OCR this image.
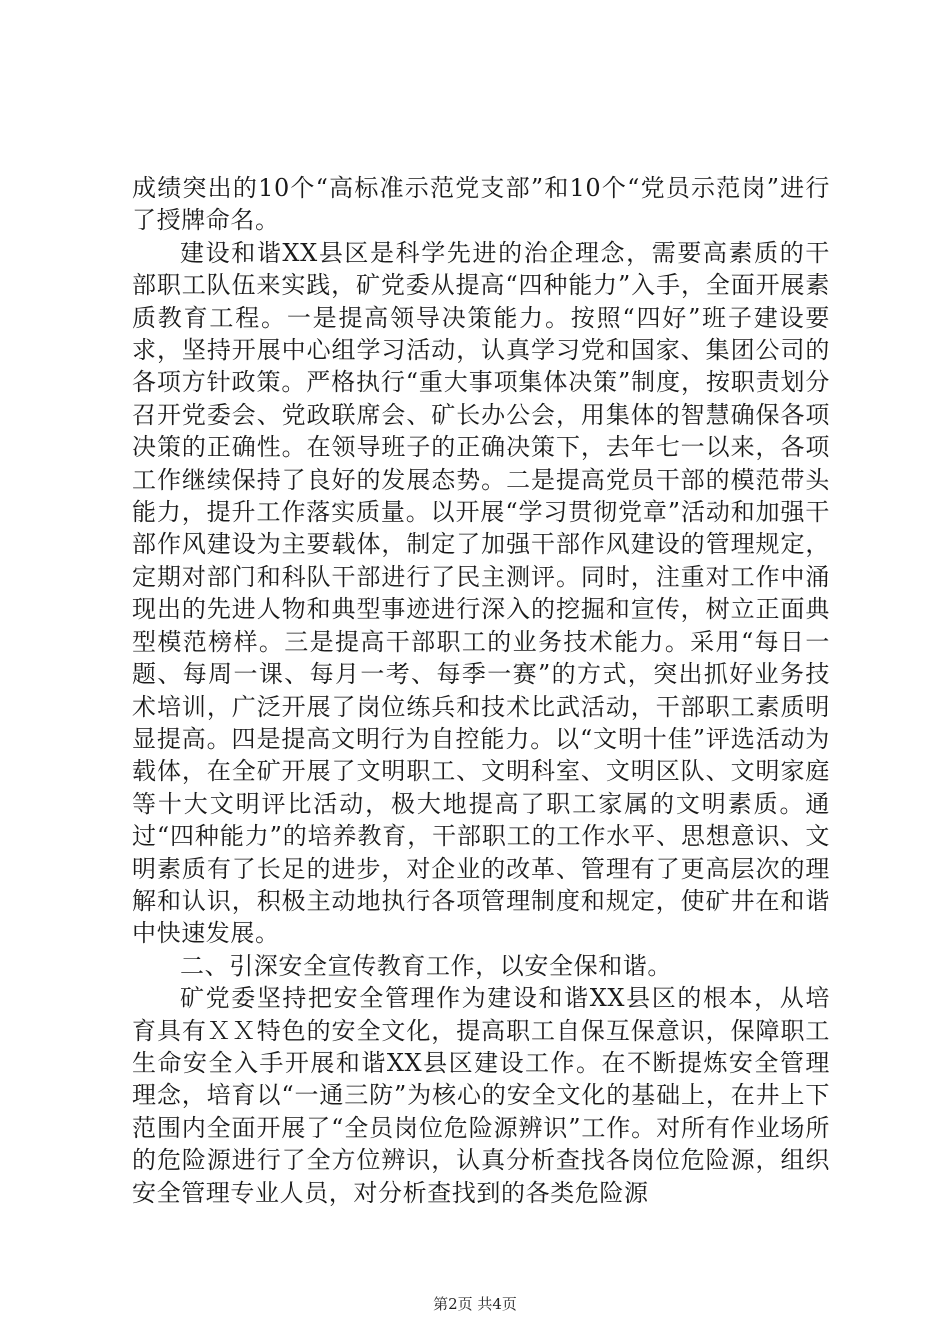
成绩突出的10个“高标准示范党支部”和10个“党员示范岗”进行了授牌命名。

建设和谐XX县区是科学先进的治企理念，需要高素质的干部职工队伍来实践，矿党委从提高“四种能力”入手，全面开展素质教育工程。一是提高领导决策能力。按照“四好”班子建设要求，坚持开展中心组学习活动，认真学习党和国家、集团公司的各项方针政策。严格执行“重大事项集体决策”制度，按职责划分召开党委会、党政联席会、矿长办公会，用集体的智慧确保各项决策的正确性。在领导班子的正确决策下，去年七一以来，各项工作继续保持了良好的发展态势。二是提高党员干部的模范带头能力，提升工作落实质量。以开展“学习贯彻党章”活动和加强干部作风建设为主要载体，制定了加强干部作风建设的管理规定，定期对部门和科队干部进行了民主测评。同时，注重对工作中涌现出的先进人物和典型事迹进行深入的挖掘和宣传，树立正面典型模范榜样。三是提高干部职工的业务技术能力。采用“每日一题、每周一课、每月一考、每季一赛”的方式，突出抓好业务技术培训，广泛开展了岗位练兵和技术比武活动，干部职工素质明显提高。四是提高文明行为自控能力。以“文明十佳”评选活动为载体，在全矿开展了文明职工、文明科室、文明区队、文明家庭等十大文明评比活动，极大地提高了职工家属的文明素质。通过“四种能力”的培养教育，干部职工的工作水平、思想意识、文明素质有了长足的进步，对企业的改革、管理有了更高层次的理解和认识，积极主动地执行各项管理制度和规定，使矿井在和谐中快速发展。

二、引深安全宣传教育工作，以安全保和谐。

矿党委坚持把安全管理作为建设和谐XX县区的根本，从培育具有ＸＸ特色的安全文化，提高职工自保互保意识，保障职工生命安全入手开展和谐XX县区建设工作。在不断提炼安全管理理念，培育以“一通三防”为核心的安全文化的基础上，在井上下范围内全面开展了“全员岗位危险源辨识”工作。对所有作业场所的危险源进行了全方位辨识，认真分析查找各岗位危险源，组织安全管理专业人员，对分析查找到的各类危险源

第2页 共4页
